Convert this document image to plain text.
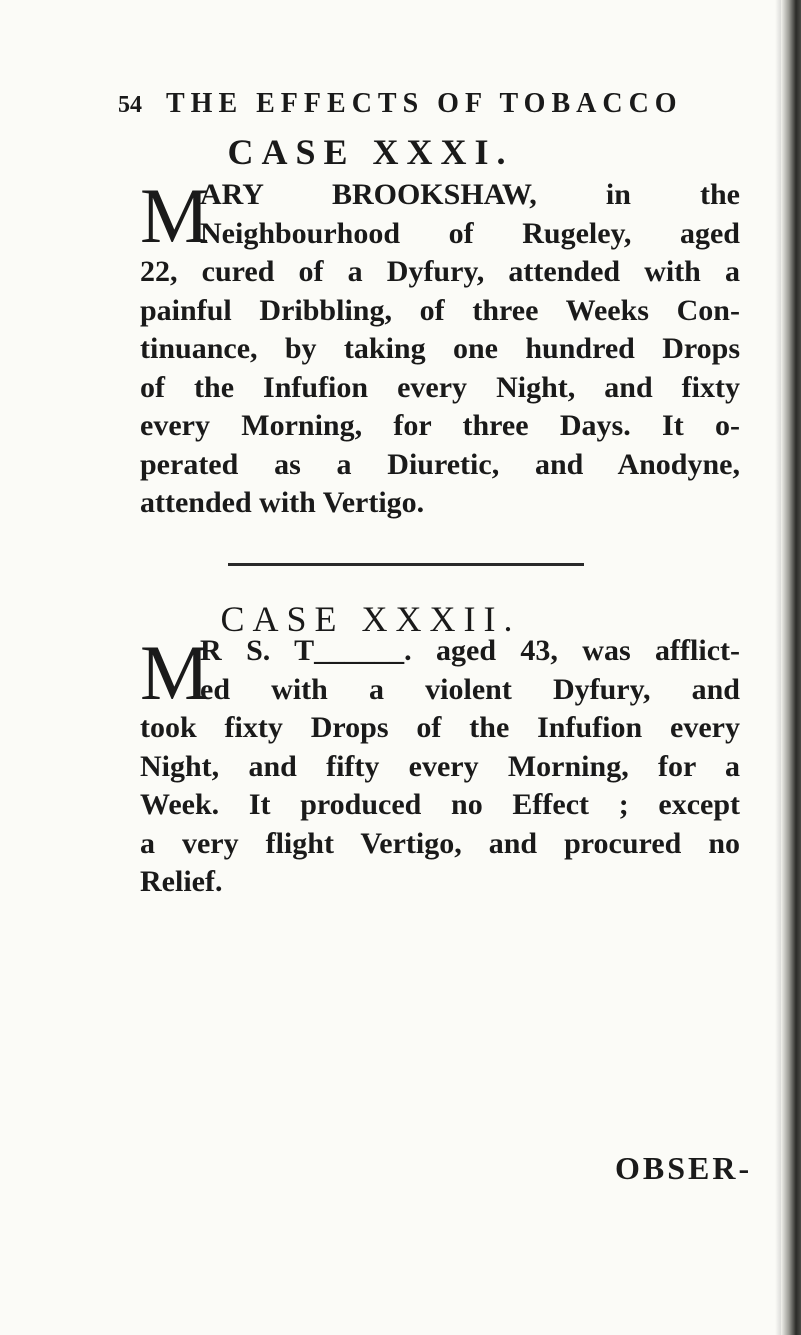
54 THE EFFECTS OF TOBACCO
CASE XXXI.
M
ARY BROOKSHAW, in the
Neighbourhood of Rugeley, aged
22, cured of a Dyfury, attended with a
painful Dribbling, of three Weeks Con-
tinuance, by taking one hundred Drops
of the Infufion every Night, and fixty
every Morning, for three Days. It o-
perated as a Diuretic, and Anodyne,
attended with Vertigo.
CASE XXXII.
M
R S. T______. aged 43, was afflict-
ed with a violent Dyfury, and
took fixty Drops of the Infufion every
Night, and fifty every Morning, for a
Week. It produced no Effect ; except
a very flight Vertigo, and procured no
Relief.
OBSER-
